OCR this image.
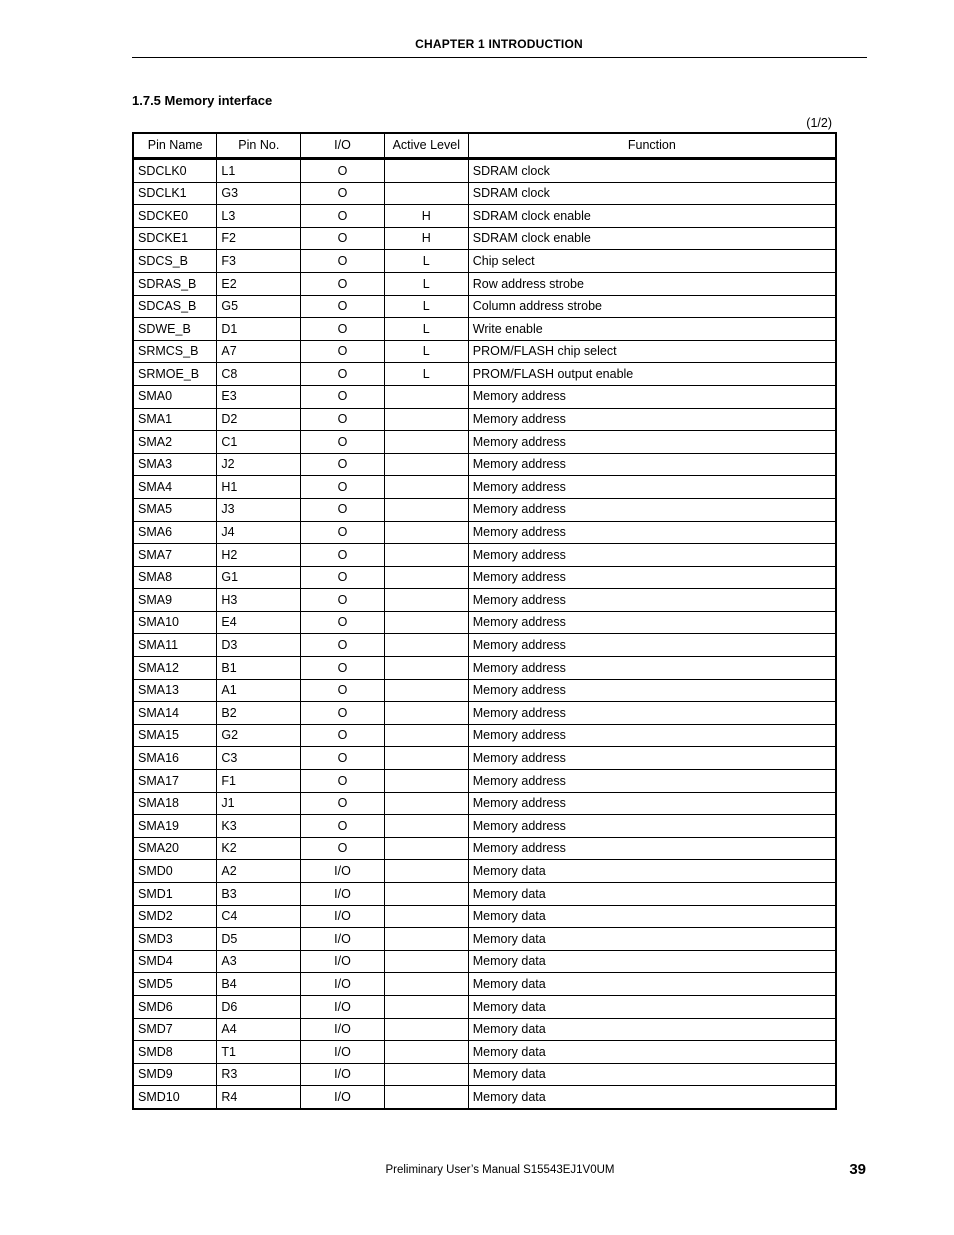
CHAPTER 1 INTRODUCTION
1.7.5 Memory interface
(1/2)
Pin Name	Pin No.	I/O	Active Level	Function
SDCLK0	L1	O		SDRAM clock
SDCLK1	G3	O		SDRAM clock
SDCKE0	L3	O	H	SDRAM clock enable
SDCKE1	F2	O	H	SDRAM clock enable
SDCS_B	F3	O	L	Chip select
SDRAS_B	E2	O	L	Row address strobe
SDCAS_B	G5	O	L	Column address strobe
SDWE_B	D1	O	L	Write enable
SRMCS_B	A7	O	L	PROM/FLASH chip select
SRMOE_B	C8	O	L	PROM/FLASH output enable
SMA0	E3	O		Memory address
SMA1	D2	O		Memory address
SMA2	C1	O		Memory address
SMA3	J2	O		Memory address
SMA4	H1	O		Memory address
SMA5	J3	O		Memory address
SMA6	J4	O		Memory address
SMA7	H2	O		Memory address
SMA8	G1	O		Memory address
SMA9	H3	O		Memory address
SMA10	E4	O		Memory address
SMA11	D3	O		Memory address
SMA12	B1	O		Memory address
SMA13	A1	O		Memory address
SMA14	B2	O		Memory address
SMA15	G2	O		Memory address
SMA16	C3	O		Memory address
SMA17	F1	O		Memory address
SMA18	J1	O		Memory address
SMA19	K3	O		Memory address
SMA20	K2	O		Memory address
SMD0	A2	I/O		Memory data
SMD1	B3	I/O		Memory data
SMD2	C4	I/O		Memory data
SMD3	D5	I/O		Memory data
SMD4	A3	I/O		Memory data
SMD5	B4	I/O		Memory data
SMD6	D6	I/O		Memory data
SMD7	A4	I/O		Memory data
SMD8	T1	I/O		Memory data
SMD9	R3	I/O		Memory data
SMD10	R4	I/O		Memory data
Preliminary User’s Manual S15543EJ1V0UM	39
